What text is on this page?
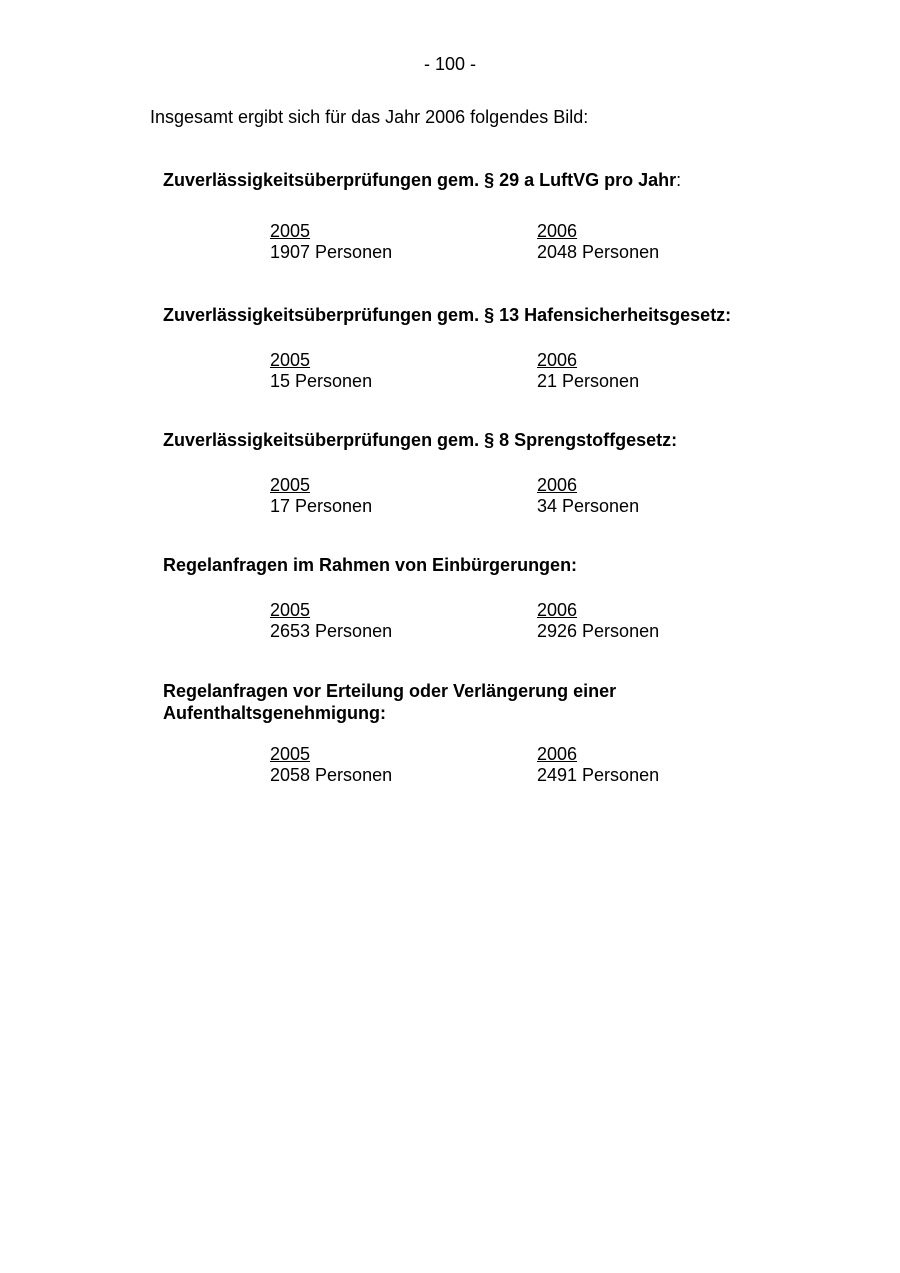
- 100 -
Insgesamt ergibt sich für das Jahr 2006 folgendes Bild:

Zuverlässigkeitsüberprüfungen gem. § 29 a LuftVG pro Jahr:

2005
1907 Personen
2006
2048 Personen

Zuverlässigkeitsüberprüfungen gem. § 13 Hafensicherheitsgesetz:

2005
15 Personen
2006
21 Personen

Zuverlässigkeitsüberprüfungen gem. § 8 Sprengstoffgesetz:

2005
17 Personen
2006
34 Personen

Regelanfragen im Rahmen von Einbürgerungen:

2005
2653 Personen
2006
2926 Personen

Regelanfragen vor Erteilung oder Verlängerung einer
Aufenthaltsgenehmigung:

2005
2058 Personen
2006
2491 Personen
